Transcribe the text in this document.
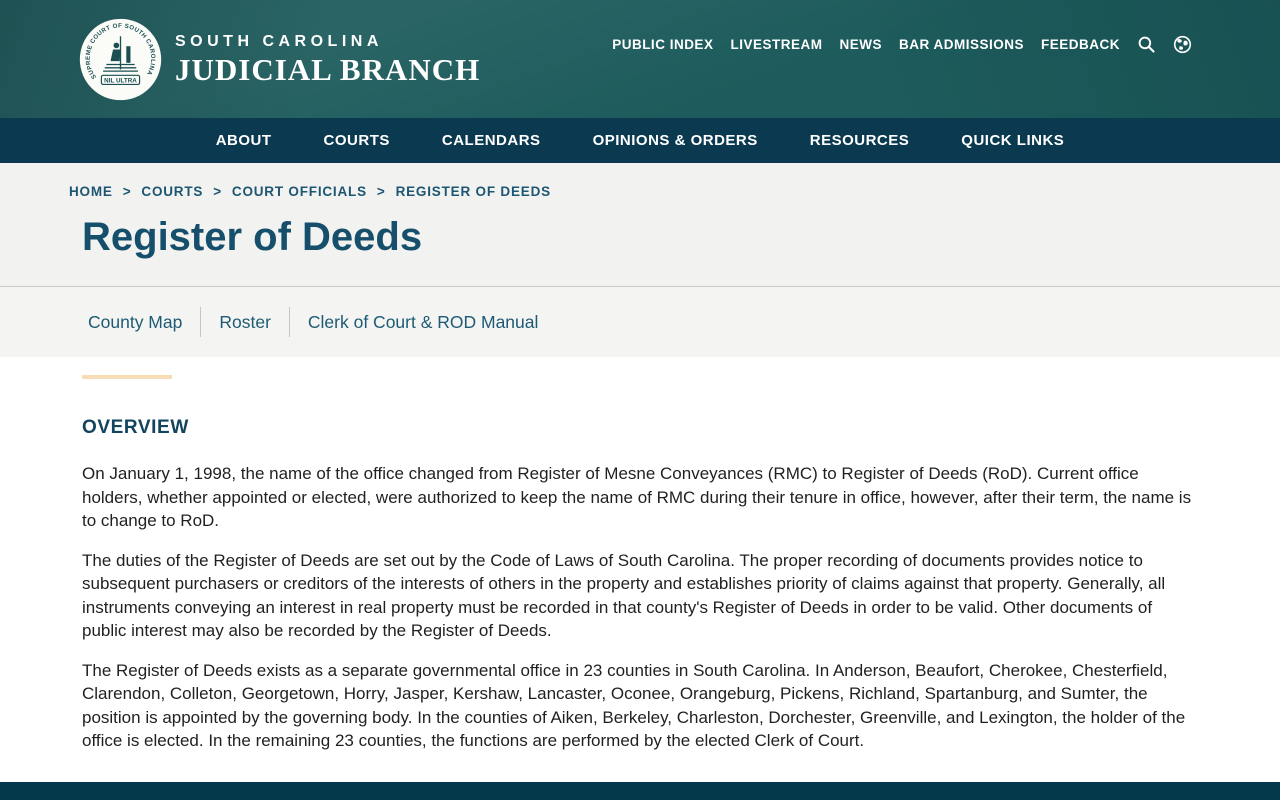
SUPREME COURT OF SOUTH CAROLINA
NIL ULTRA
SOUTH CAROLINA
JUDICIAL BRANCH
PUBLIC INDEX LIVESTREAM NEWS BAR ADMISSIONS FEEDBACK
ABOUT	COURTS	CALENDARS	OPINIONS & ORDERS	RESOURCES	QUICK LINKS
HOME > COURTS > COURT OFFICIALS > REGISTER OF DEEDS
Register of Deeds
County Map Roster Clerk of Court & ROD Manual
OVERVIEW

On January 1, 1998, the name of the office changed from Register of Mesne Conveyances (RMC) to Register of Deeds (RoD). Current office holders, whether appointed or elected, were authorized to keep the name of RMC during their tenure in office, however, after their term, the name is to change to RoD.

The duties of the Register of Deeds are set out by the Code of Laws of South Carolina. The proper recording of documents provides notice to subsequent purchasers or creditors of the interests of others in the property and establishes priority of claims against that property. Generally, all instruments conveying an interest in real property must be recorded in that county's Register of Deeds in order to be valid. Other documents of public interest may also be recorded by the Register of Deeds.

The Register of Deeds exists as a separate governmental office in 23 counties in South Carolina. In Anderson, Beaufort, Cherokee, Chesterfield, Clarendon, Colleton, Georgetown, Horry, Jasper, Kershaw, Lancaster, Oconee, Orangeburg, Pickens, Richland, Spartanburg, and Sumter, the position is appointed by the governing body. In the counties of Aiken, Berkeley, Charleston, Dorchester, Greenville, and Lexington, the holder of the office is elected. In the remaining 23 counties, the functions are performed by the elected Clerk of Court.
